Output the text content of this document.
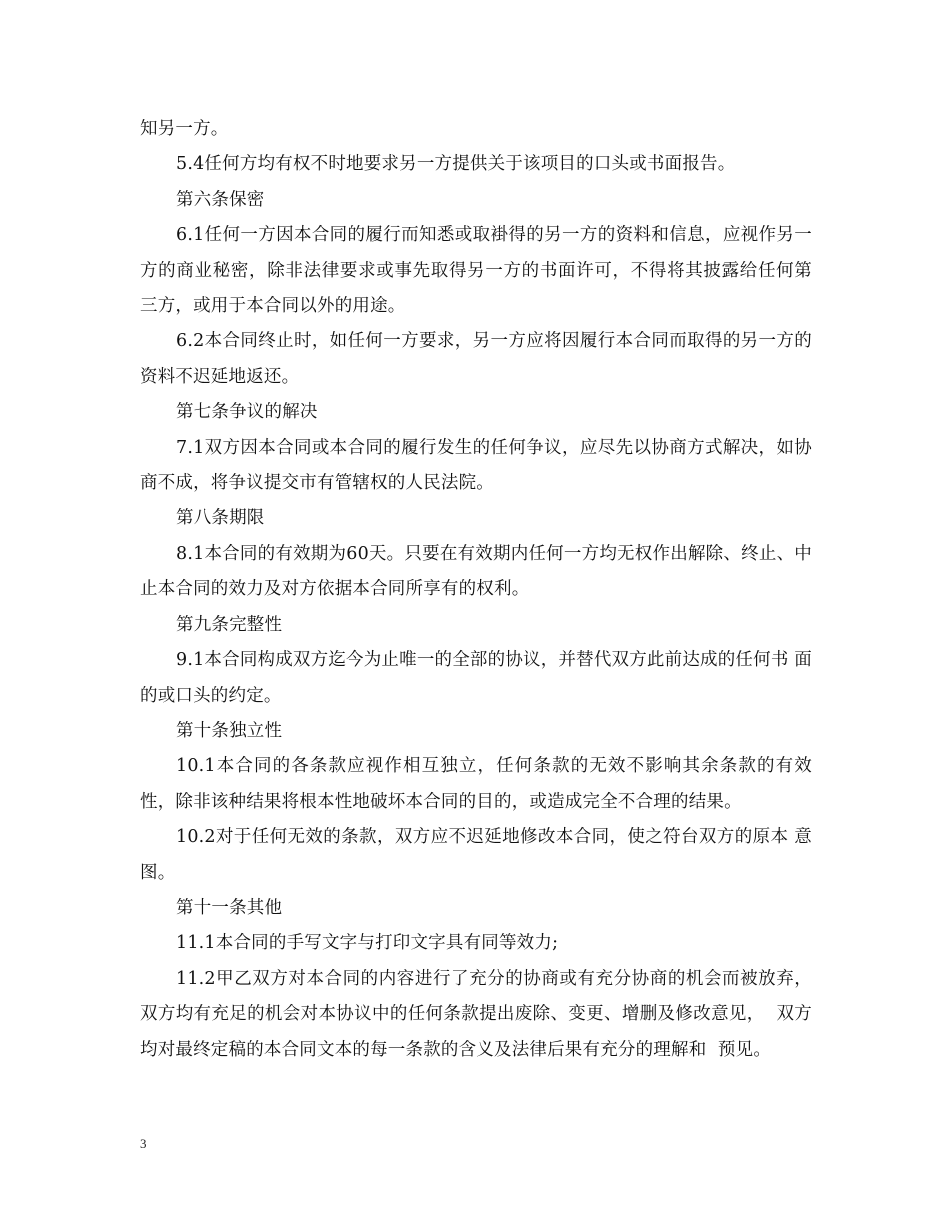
知另一方。

5.4任何方均有权不时地要求另一方提供关于该项目的口头或书面报告。

第六条保密

6.1任何一方因本合同的履行而知悉或取褂得的另一方的资料和信息，应视作另一方的商业秘密，除非法律要求或事先取得另一方的书面许可，不得将其披露给任何第三方，或用于本合同以外的用途。

6.2本合同终止时，如任何一方要求，另一方应将因履行本合同而取得的另一方的资料不迟延地返还。

第七条争议的解决

7.1双方因本合同或本合同的履行发生的任何争议，应尽先以协商方式解决，如协商不成，将争议提交市有管辖权的人民法院。

第八条期限

8.1本合同的有效期为60天。只要在有效期内任何一方均无权作出解除、终止、中止本合同的效力及对方依据本合同所享有的权利。

第九条完整性

9.1本合同构成双方迄今为止唯一的全部的协议，并替代双方此前达成的任何书 面的或口头的约定。

第十条独立性

10.1本合同的各条款应视作相互独立，任何条款的无效不影响其余条款的有效 性，除非该种结果将根本性地破坏本合同的目的，或造成完全不合理的结果。

10.2对于任何无效的条款，双方应不迟延地修改本合同，使之符台双方的原本 意图。

第十一条其他

11.1本合同的手写文字与打印文字具有同等效力;

11.2甲乙双方对本合同的内容进行了充分的协商或有充分协商的机会而被放弃，  双方均有充足的机会对本协议中的任何条款提出废除、变更、增删及修改意见，  双方均对最终定稿的本合同文本的每一条款的含义及法律后果有充分的理解和  预见。

3
